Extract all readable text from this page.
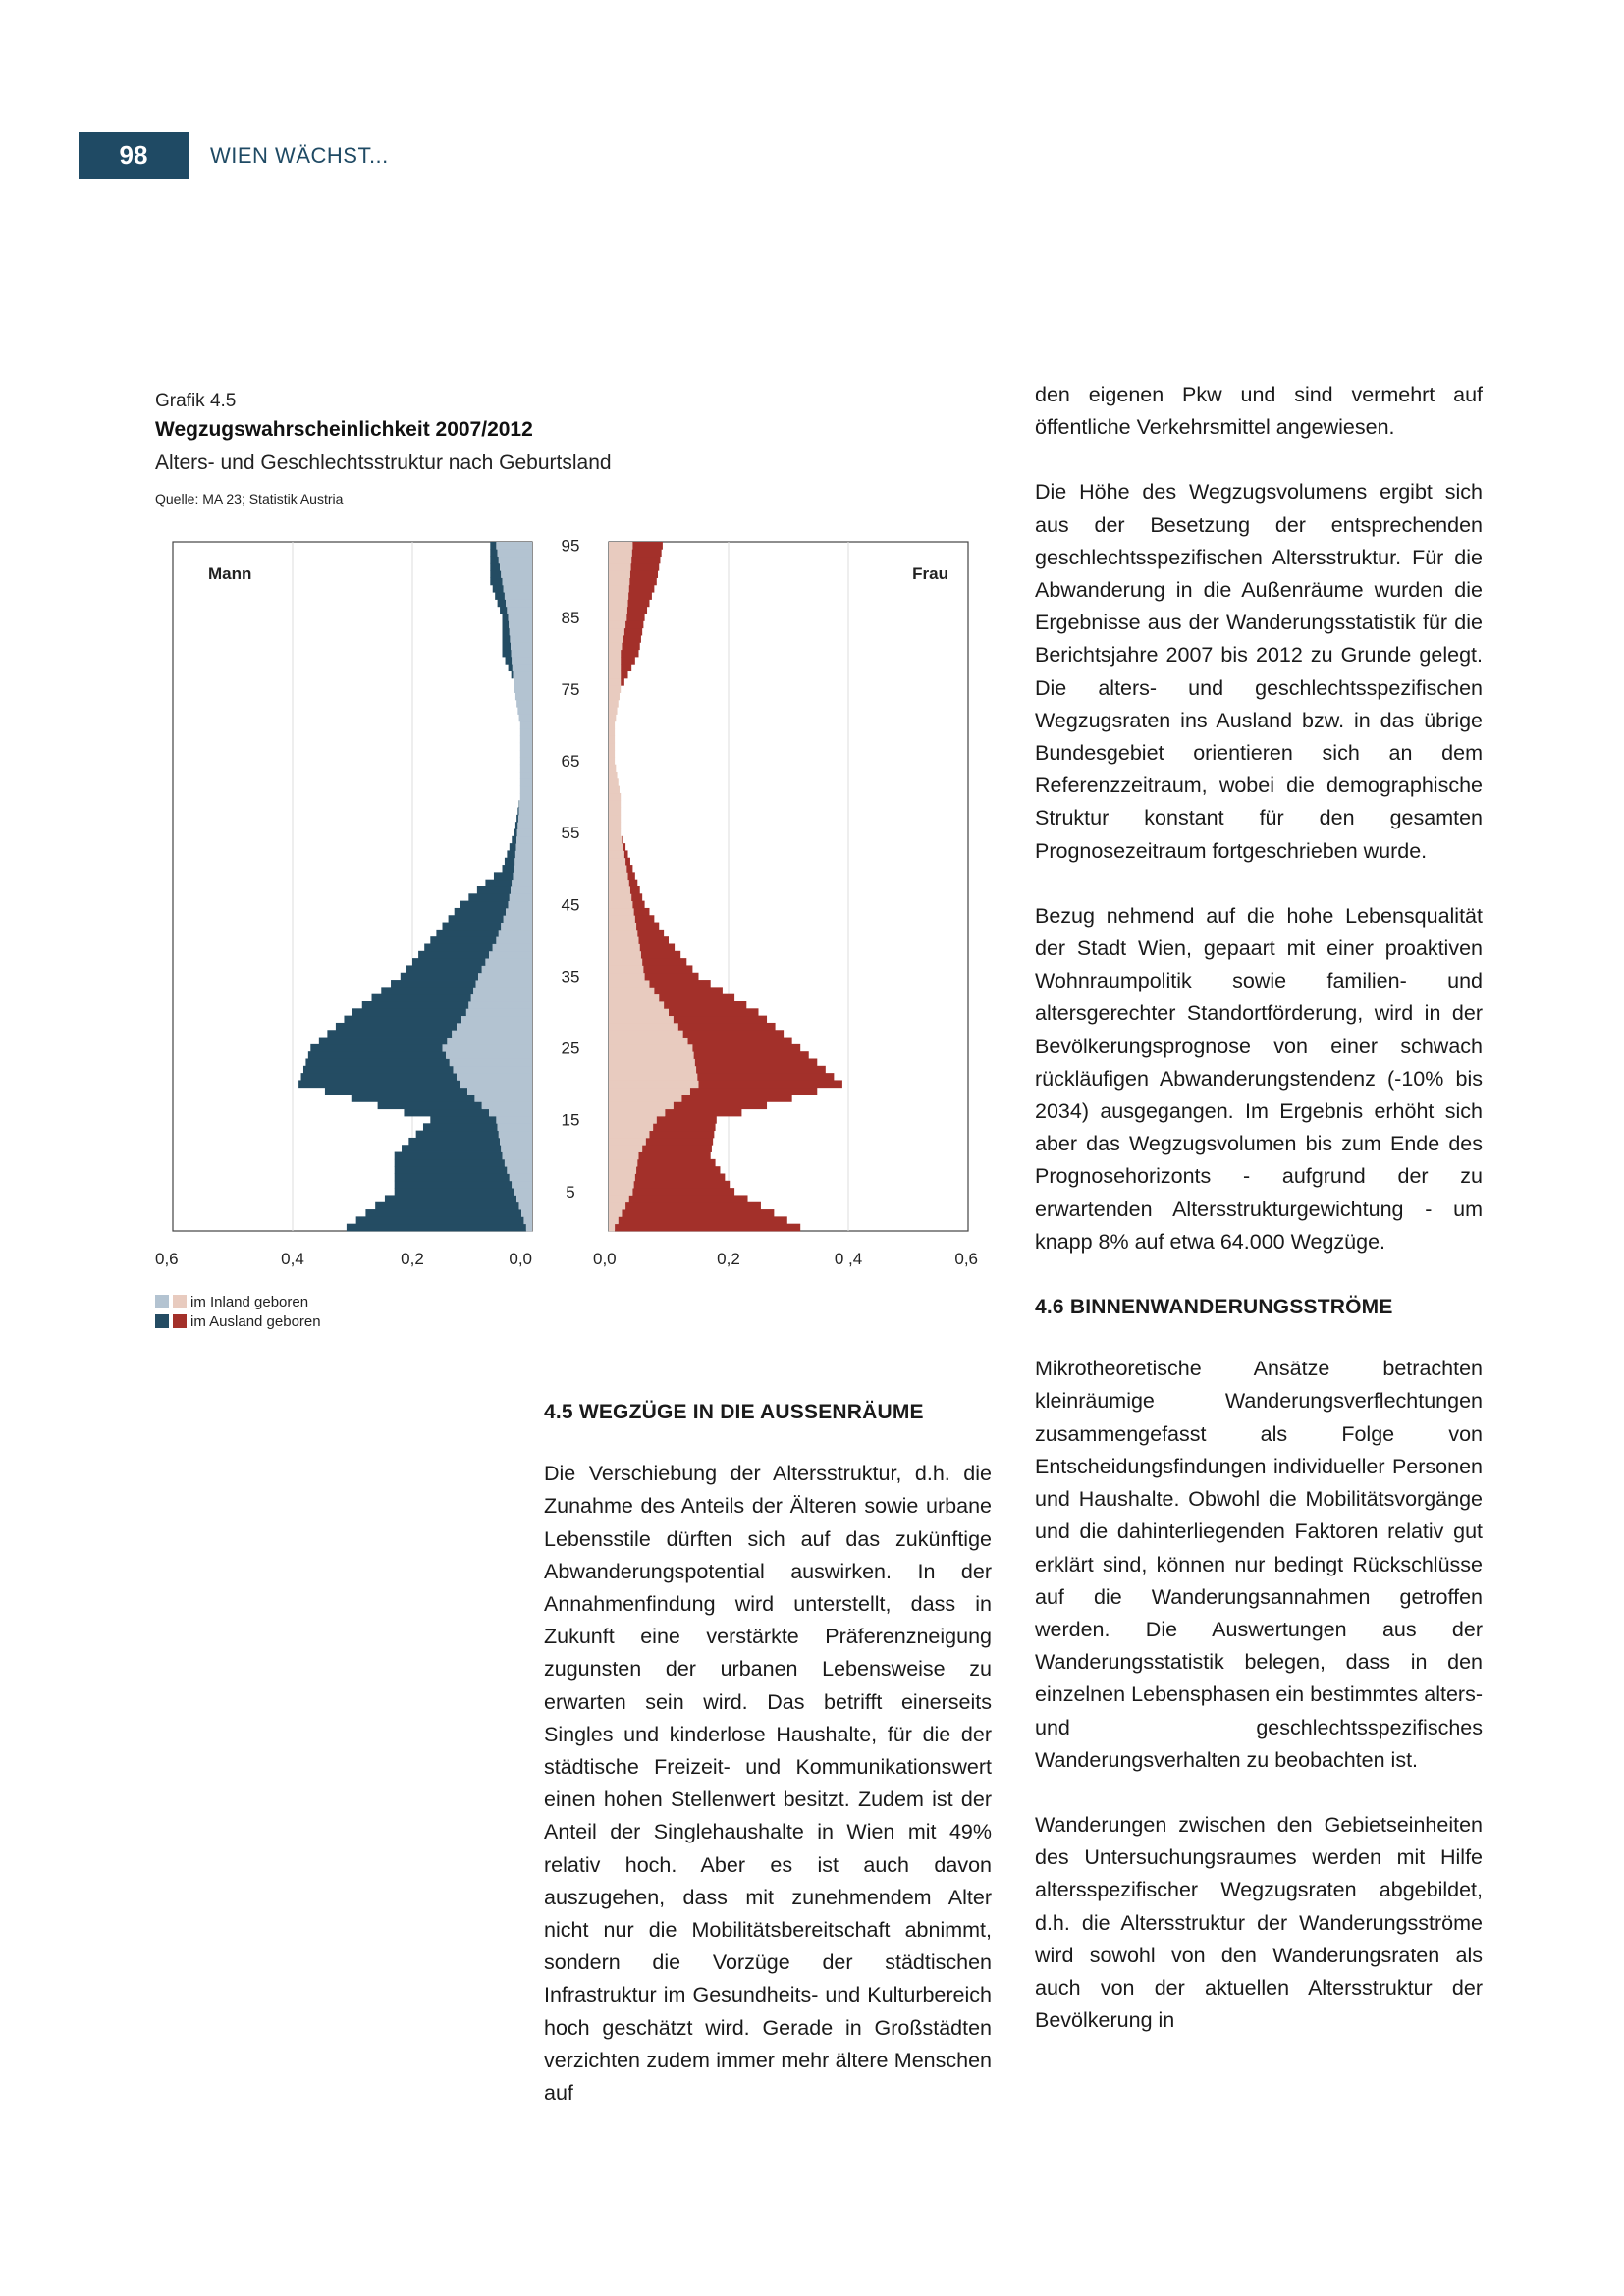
98	WIEN WÄCHST...
Grafik 4.5
Wegzugswahrscheinlichkeit 2007/2012
Alters- und Geschlechtsstruktur nach Geburtsland
Quelle: MA 23; Statistik Austria
Mann	Frau
95
85
75
65
55
45
35
25
15
5
0,6	0,4	0,2	0,0	0,0	0,2	0 ,4	0,6
im Inland geboren
im Ausland geboren
4.5 WEGZÜGE IN DIE AUSSENRÄUME

Die Verschiebung der Altersstruktur, d.h. die Zunahme des Anteils der Älteren sowie urbane Lebensstile dürften sich auf das zukünftige Abwanderungspotential auswirken. In der Annahmenfindung wird unterstellt, dass in Zukunft eine verstärkte Präferenzneigung zugunsten der urbanen Lebensweise zu erwarten sein wird. Das betrifft einerseits Singles und kinderlose Haushalte, für die der städtische Freizeit- und Kommunikationswert einen hohen Stellenwert besitzt. Zudem ist der Anteil der Singlehaushalte in Wien mit 49% relativ hoch. Aber es ist auch davon auszugehen, dass mit zunehmendem Alter nicht nur die Mobilitätsbereitschaft abnimmt, sondern die Vorzüge der städtischen Infrastruktur im Gesundheits- und Kulturbereich hoch geschätzt wird. Gerade in Großstädten verzichten zudem immer mehr ältere Menschen auf

den eigenen Pkw und sind vermehrt auf öffentliche Verkehrsmittel angewiesen.

Die Höhe des Wegzugsvolumens ergibt sich aus der Besetzung der entsprechenden geschlechtsspezifischen Altersstruktur. Für die Abwanderung in die Außenräume wurden die Ergebnisse aus der Wanderungsstatistik für die Berichtsjahre 2007 bis 2012 zu Grunde gelegt. Die alters- und geschlechtsspezifischen Wegzugsraten ins Ausland bzw. in das übrige Bundesgebiet orientieren sich an dem Referenzzeitraum, wobei die demographische Struktur konstant für den gesamten Prognosezeitraum fortgeschrieben wurde.

Bezug nehmend auf die hohe Lebensqualität der Stadt Wien, gepaart mit einer proaktiven Wohnraumpolitik sowie familien- und altersgerechter Standortförderung, wird in der Bevölkerungsprognose von einer schwach rückläufigen Abwanderungstendenz (-10% bis 2034) ausgegangen. Im Ergebnis erhöht sich aber das Wegzugsvolumen bis zum Ende des Prognosehorizonts - aufgrund der zu erwartenden Altersstrukturgewichtung - um knapp 8% auf etwa 64.000 Wegzüge.

4.6 BINNENWANDERUNGSSTRÖME

Mikrotheoretische Ansätze betrachten kleinräumige Wanderungsverflechtungen zusammengefasst als Folge von Entscheidungsfindungen individueller Personen und Haushalte. Obwohl die Mobilitätsvorgänge und die dahinterliegenden Faktoren relativ gut erklärt sind, können nur bedingt Rückschlüsse auf die Wanderungsannahmen getroffen werden. Die Auswertungen aus der Wanderungsstatistik belegen, dass in den einzelnen Lebensphasen ein bestimmtes alters- und geschlechtsspezifisches Wanderungsverhalten zu beobachten ist.

Wanderungen zwischen den Gebietseinheiten des Untersuchungsraumes werden mit Hilfe altersspezifischer Wegzugsraten abgebildet, d.h. die Altersstruktur der Wanderungsströme wird sowohl von den Wanderungsraten als auch von der aktuellen Altersstruktur der Bevölkerung in
